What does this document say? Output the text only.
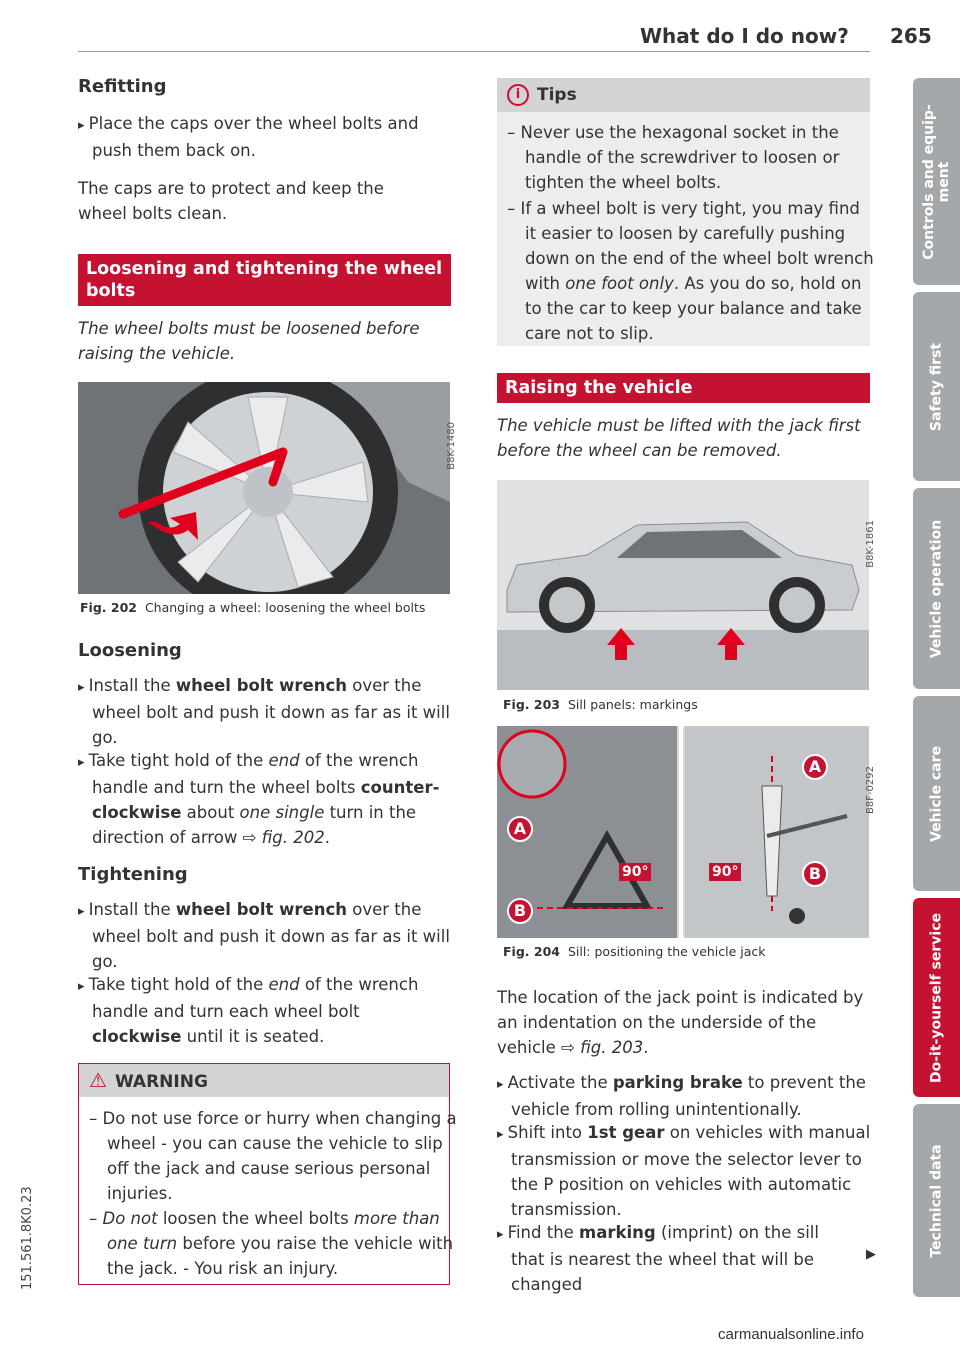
What do I do now?	265
Refitting
▸ Place the caps over the wheel bolts and push them back on.
The caps are to protect and keep the wheel bolts clean.
Loosening and tightening the wheel bolts
The wheel bolts must be loosened before raising the vehicle.
B8K-1480
Fig. 202 Changing a wheel: loosening the wheel bolts
Loosening
▸ Install the wheel bolt wrench over the wheel bolt and push it down as far as it will go.
▸ Take tight hold of the end of the wrench handle and turn the wheel bolts counter-clockwise about one single turn in the direction of arrow ⇨ fig. 202.
Tightening
▸ Install the wheel bolt wrench over the wheel bolt and push it down as far as it will go.
▸ Take tight hold of the end of the wrench handle and turn each wheel bolt clockwise until it is seated.
⚠ WARNING
– Do not use force or hurry when changing a wheel - you can cause the vehicle to slip off the jack and cause serious personal injuries.
– Do not loosen the wheel bolts more than one turn before you raise the vehicle with the jack. - You risk an injury.
i Tips
– Never use the hexagonal socket in the handle of the screwdriver to loosen or tighten the wheel bolts.
– If a wheel bolt is very tight, you may find it easier to loosen by carefully pushing down on the end of the wheel bolt wrench with one foot only. As you do so, hold on to the car to keep your balance and take care not to slip.
Raising the vehicle
The vehicle must be lifted with the jack first before the wheel can be removed.
B8K-1861
Fig. 203 Sill panels: markings
A
B
90°
A
B
90°
B8F-0292
Fig. 204 Sill: positioning the vehicle jack
The location of the jack point is indicated by an indentation on the underside of the vehicle ⇨ fig. 203.
▸ Activate the parking brake to prevent the vehicle from rolling unintentionally.
▸ Shift into 1st gear on vehicles with manual transmission or move the selector lever to the P position on vehicles with automatic transmission.
▸ Find the marking (imprint) on the sill that is nearest the wheel that will be changed
▶
Controls and equip- ment
Safety first
Vehicle operation
Vehicle care
Do-it-yourself service
Technical data
151.561.8K0.23
carmanualsonline.info
